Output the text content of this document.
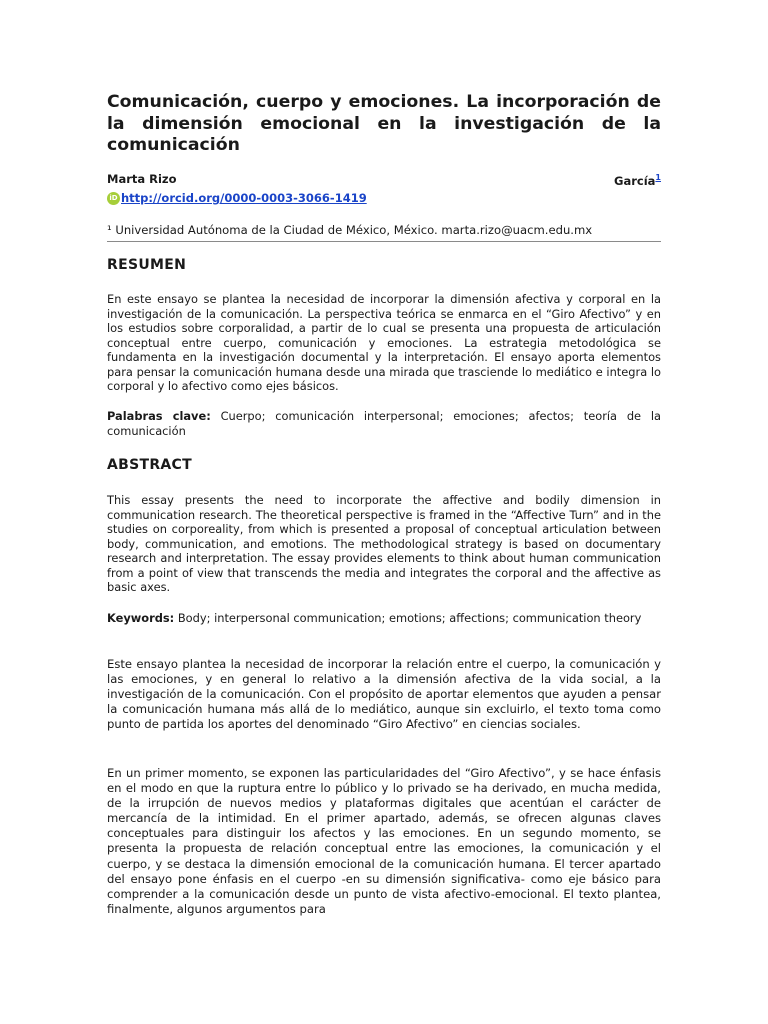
Comunicación, cuerpo y emociones. La incorporación de la dimensión emocional en la investigación de la comunicación
Marta Rizo	García$^1$
iD http://orcid.org/0000-0003-3066-1419
¹ Universidad Autónoma de la Ciudad de México, México. marta.rizo@uacm.edu.mx
RESUMEN

En este ensayo se plantea la necesidad de incorporar la dimensión afectiva y corporal en la investigación de la comunicación. La perspectiva teórica se enmarca en el “Giro Afectivo” y en los estudios sobre corporalidad, a partir de lo cual se presenta una propuesta de articulación conceptual entre cuerpo, comunicación y emociones. La estrategia metodológica se fundamenta en la investigación documental y la interpretación. El ensayo aporta elementos para pensar la comunicación humana desde una mirada que trasciende lo mediático e integra lo corporal y lo afectivo como ejes básicos.

Palabras clave: Cuerpo; comunicación interpersonal; emociones; afectos; teoría de la comunicación

ABSTRACT

This essay presents the need to incorporate the affective and bodily dimension in communication research. The theoretical perspective is framed in the “Affective Turn” and in the studies on corporeality, from which is presented a proposal of conceptual articulation between body, communication, and emotions. The methodological strategy is based on documentary research and interpretation. The essay provides elements to think about human communication from a point of view that transcends the media and integrates the corporal and the affective as basic axes.

Keywords: Body; interpersonal communication; emotions; affections; communication theory

Este ensayo plantea la necesidad de incorporar la relación entre el cuerpo, la comunicación y las emociones, y en general lo relativo a la dimensión afectiva de la vida social, a la investigación de la comunicación. Con el propósito de aportar elementos que ayuden a pensar la comunicación humana más allá de lo mediático, aunque sin excluirlo, el texto toma como punto de partida los aportes del denominado “Giro Afectivo” en ciencias sociales.

En un primer momento, se exponen las particularidades del “Giro Afectivo”, y se hace énfasis en el modo en que la ruptura entre lo público y lo privado se ha derivado, en mucha medida, de la irrupción de nuevos medios y plataformas digitales que acentúan el carácter de mercancía de la intimidad. En el primer apartado, además, se ofrecen algunas claves conceptuales para distinguir los afectos y las emociones. En un segundo momento, se presenta la propuesta de relación conceptual entre las emociones, la comunicación y el cuerpo, y se destaca la dimensión emocional de la comunicación humana. El tercer apartado del ensayo pone énfasis en el cuerpo -en su dimensión significativa- como eje básico para comprender a la comunicación desde un punto de vista afectivo-emocional. El texto plantea, finalmente, algunos argumentos para
